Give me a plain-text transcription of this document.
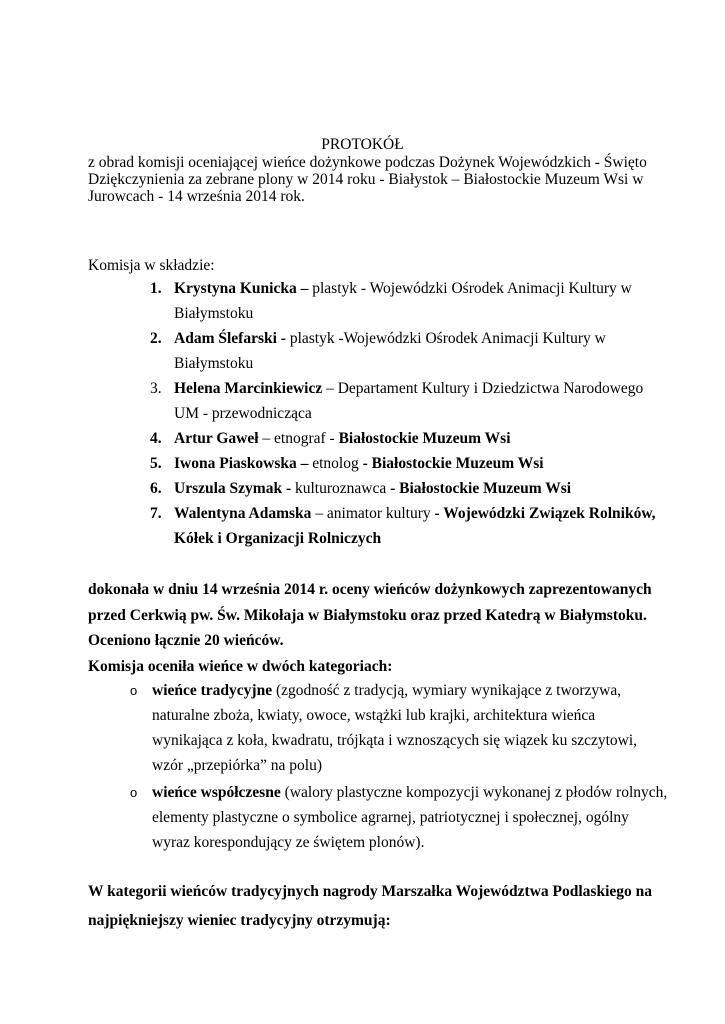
PROTOKÓŁ
z obrad komisji oceniającej wieńce dożynkowe podczas Dożynek Wojewódzkich - Święto
Dziękczynienia za zebrane plony w 2014 roku - Białystok – Białostockie Muzeum Wsi w
Jurowcach - 14 września 2014 rok.
Komisja w składzie:
1. Krystyna Kunicka – plastyk - Wojewódzki Ośrodek Animacji Kultury w
Białymstoku
2. Adam Ślefarski - plastyk -Wojewódzki Ośrodek Animacji Kultury w
Białymstoku
3. Helena Marcinkiewicz – Departament Kultury i Dziedzictwa Narodowego
UM - przewodnicząca
4. Artur Gaweł – etnograf - Białostockie Muzeum Wsi
5. Iwona Piaskowska – etnolog - Białostockie Muzeum Wsi
6. Urszula Szymak - kulturoznawca - Białostockie Muzeum Wsi
7. Walentyna Adamska – animator kultury - Wojewódzki Związek Rolników,
Kółek i Organizacji Rolniczych
dokonała w dniu 14 września 2014 r. oceny wieńców dożynkowych zaprezentowanych
przed Cerkwią pw. Św. Mikołaja w Białymstoku oraz przed Katedrą w Białymstoku.
Oceniono łącznie 20 wieńców.
Komisja oceniła wieńce w dwóch kategoriach:
o wieńce tradycyjne (zgodność z tradycją, wymiary wynikające z tworzywa,
naturalne zboża, kwiaty, owoce, wstążki lub krajki, architektura wieńca
wynikająca z koła, kwadratu, trójkąta i wznoszących się wiązek ku szczytowi,
wzór „przepiórka” na polu)
o wieńce współczesne (walory plastyczne kompozycji wykonanej z płodów rolnych,
elementy plastyczne o symbolice agrarnej, patriotycznej i społecznej, ogólny
wyraz korespondujący ze świętem plonów).
W kategorii wieńców tradycyjnych nagrody Marszałka Województwa Podlaskiego na
najpiękniejszy wieniec tradycyjny otrzymują:
